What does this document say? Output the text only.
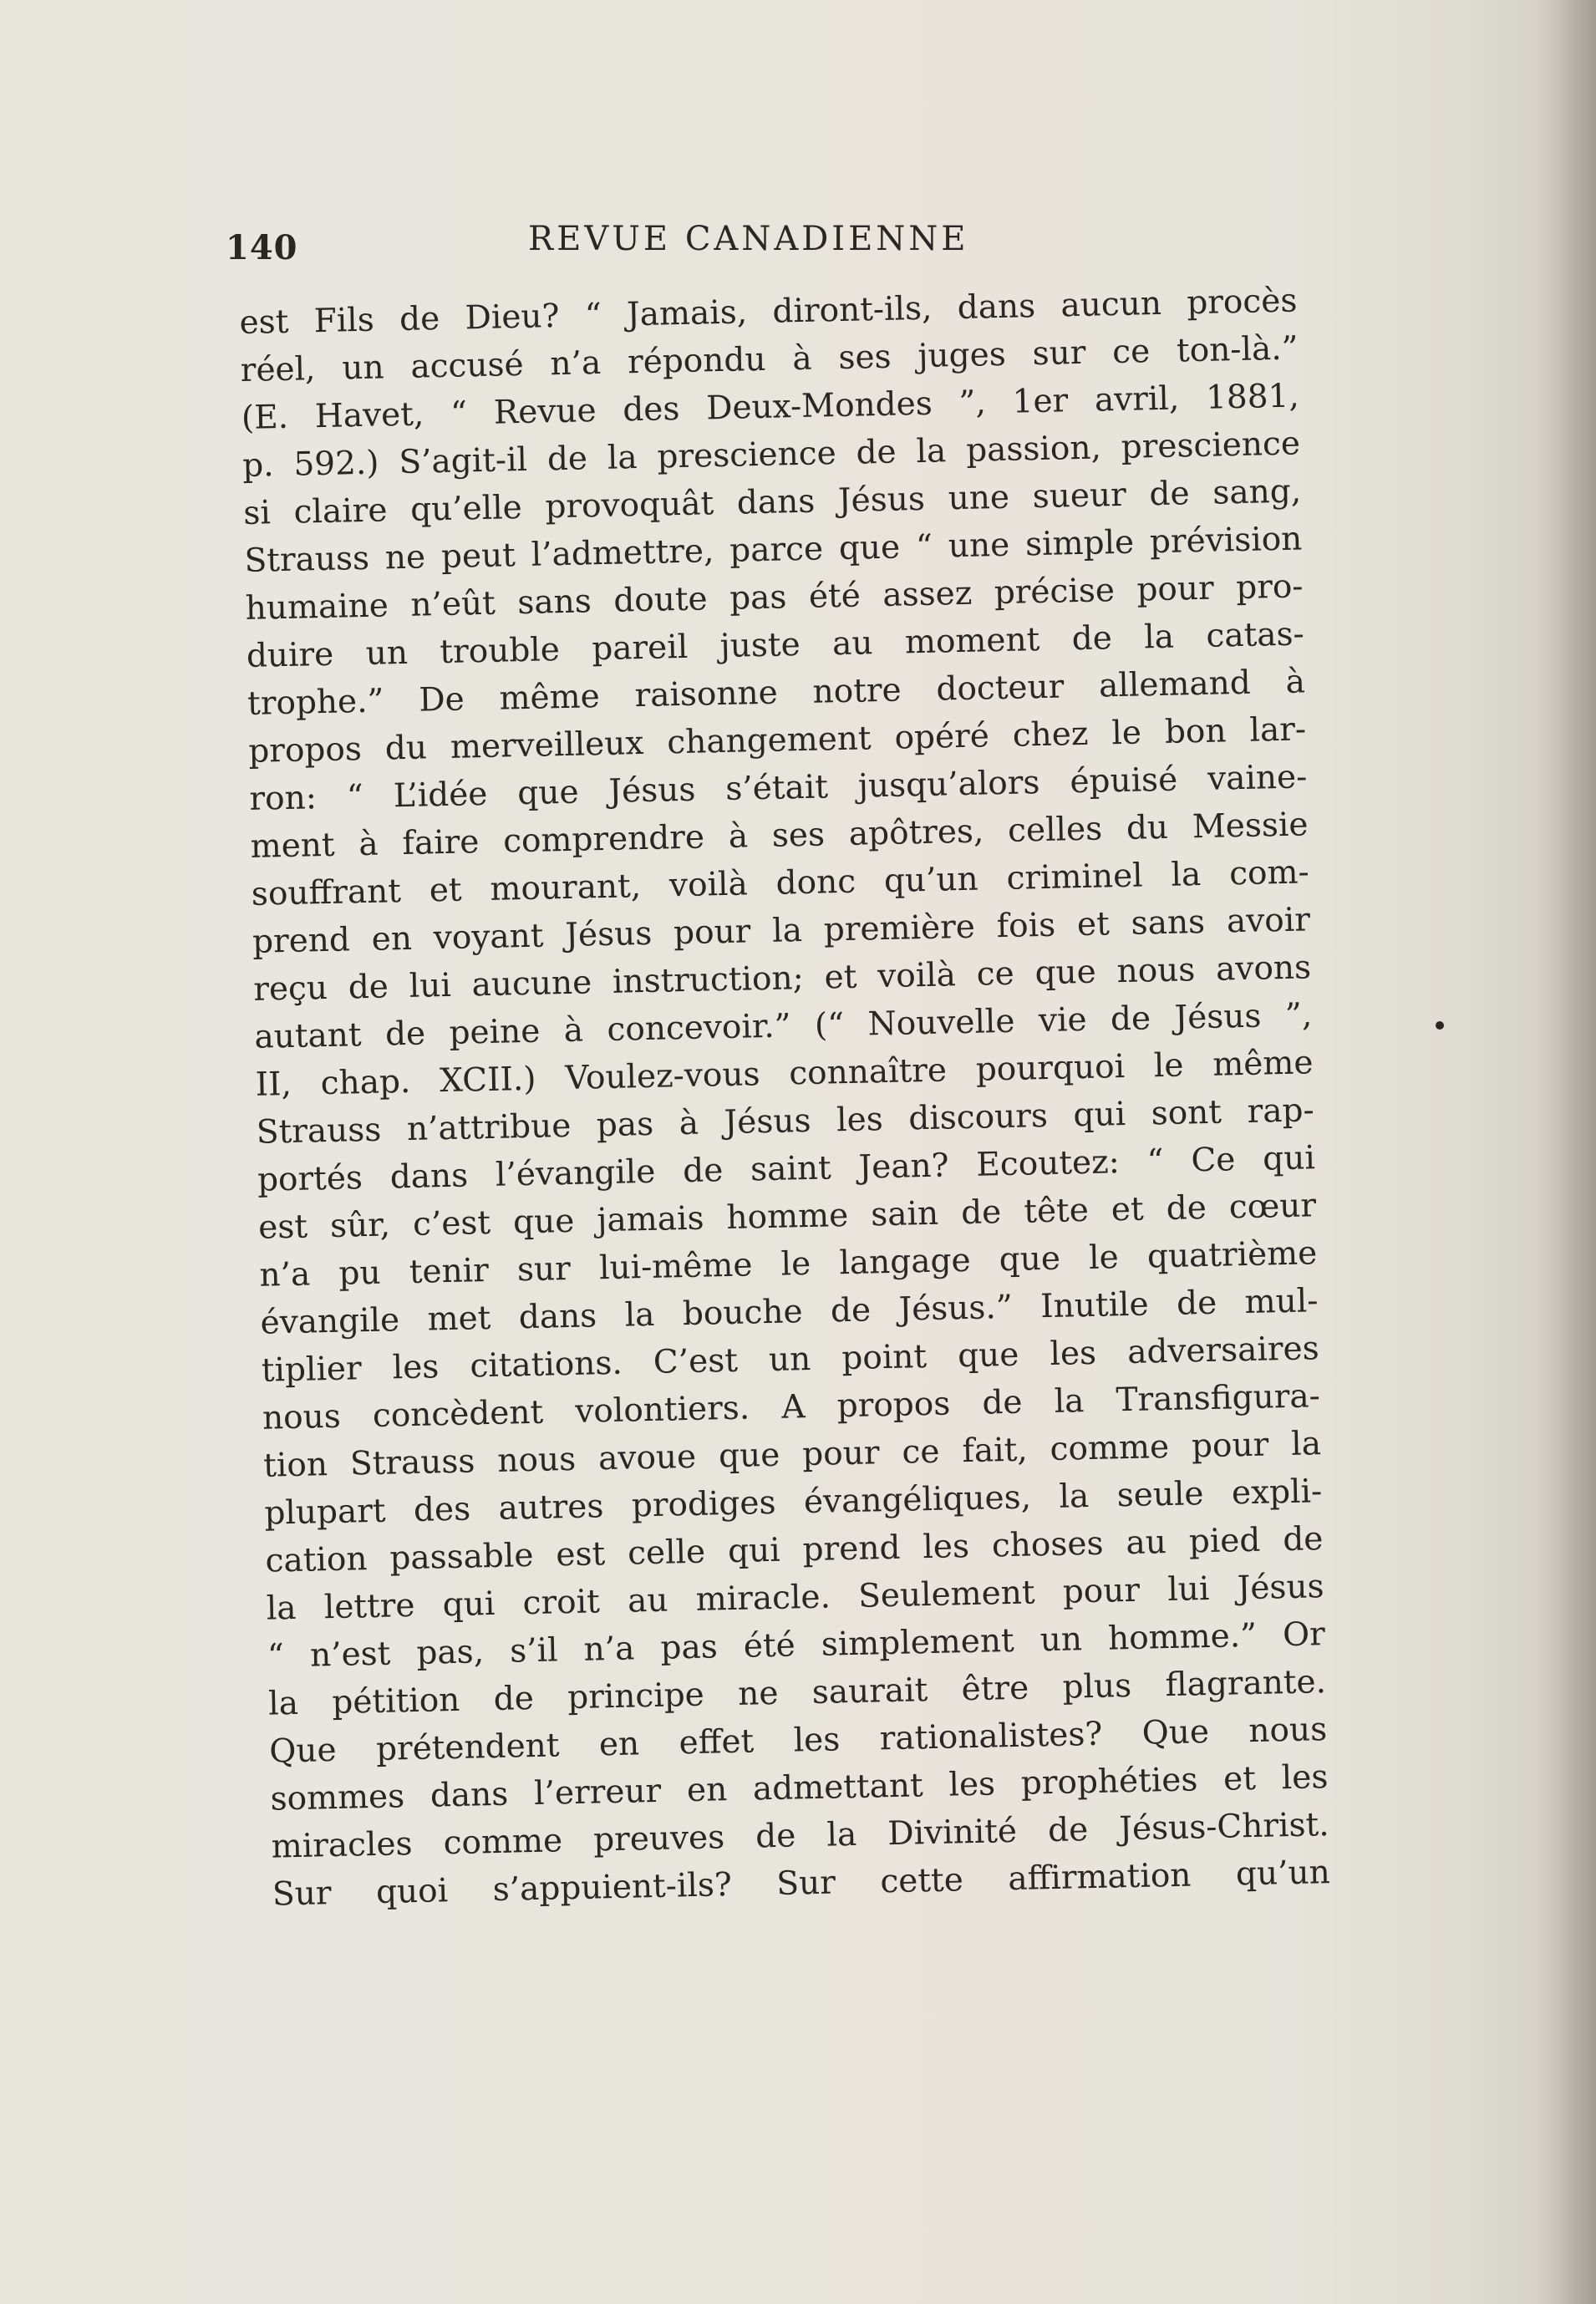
140	REVUE CANADIENNE
est Fils de Dieu? “ Jamais, diront-ils, dans aucun procès
réel, un accusé n’a répondu à ses juges sur ce ton-là.”
(E. Havet, “ Revue des Deux-Mondes ”, 1er avril, 1881,
p. 592.) S’agit-il de la prescience de la passion, prescience
si claire qu’elle provoquât dans Jésus une sueur de sang,
Strauss ne peut l’admettre, parce que “ une simple prévision
humaine n’eût sans doute pas été assez précise pour pro-
duire un trouble pareil juste au moment de la catas-
trophe.” De même raisonne notre docteur allemand à
propos du merveilleux changement opéré chez le bon lar-
ron: “ L’idée que Jésus s’était jusqu’alors épuisé vaine-
ment à faire comprendre à ses apôtres, celles du Messie
souffrant et mourant, voilà donc qu’un criminel la com-
prend en voyant Jésus pour la première fois et sans avoir
reçu de lui aucune instruction; et voilà ce que nous avons
autant de peine à concevoir.” (“ Nouvelle vie de Jésus ”,
II, chap. XCII.) Voulez-vous connaître pourquoi le même
Strauss n’attribue pas à Jésus les discours qui sont rap-
portés dans l’évangile de saint Jean? Ecoutez: “ Ce qui
est sûr, c’est que jamais homme sain de tête et de cœur
n’a pu tenir sur lui-même le langage que le quatrième
évangile met dans la bouche de Jésus.” Inutile de mul-
tiplier les citations. C’est un point que les adversaires
nous concèdent volontiers. A propos de la Transfigura-
tion Strauss nous avoue que pour ce fait, comme pour la
plupart des autres prodiges évangéliques, la seule expli-
cation passable est celle qui prend les choses au pied de
la lettre qui croit au miracle. Seulement pour lui Jésus
“ n’est pas, s’il n’a pas été simplement un homme.” Or
la pétition de principe ne saurait être plus flagrante.
Que prétendent en effet les rationalistes? Que nous
sommes dans l’erreur en admettant les prophéties et les
miracles comme preuves de la Divinité de Jésus-Christ.
Sur quoi s’appuient-ils? Sur cette affirmation qu’un
